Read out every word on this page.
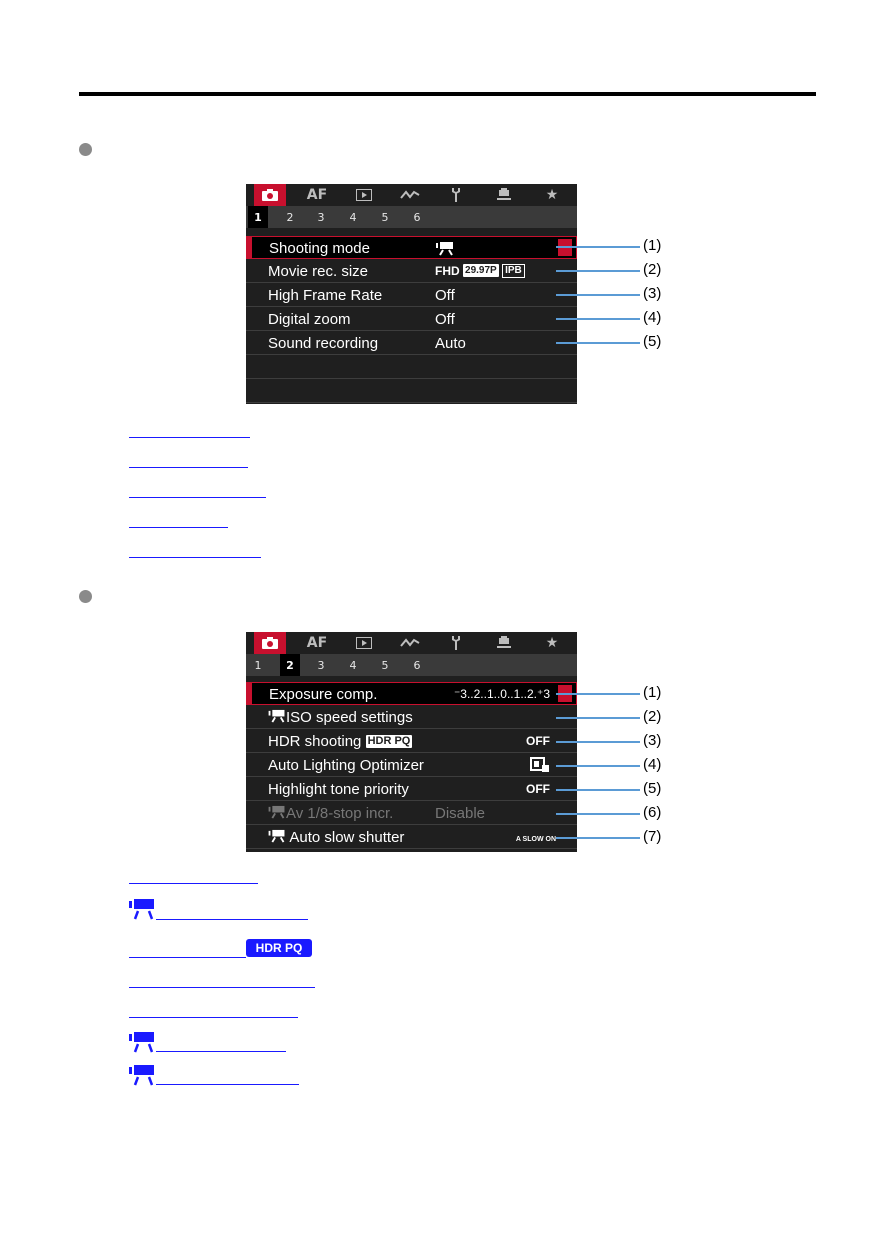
AF	★
1	2	3	4	5	6
Shooting mode
Movie rec. size	FHD 29.97P IPB
High Frame Rate	Off
Digital zoom	Off
Sound recording	Auto
(1)
(2)
(3)
(4)
(5)
AF	★
1	2	3	4	5	6
Exposure comp.	⁻3..2..1..0..1..2.⁺3
ISO speed settings
HDR shooting HDR PQ	OFF
Auto Lighting Optimizer
Highlight tone priority	OFF
Av 1/8-stop incr.	Disable
Auto slow shutter	A SLOW ON
(1)
(2)
(3)
(4)
(5)
(6)
(7)
HDR PQ
